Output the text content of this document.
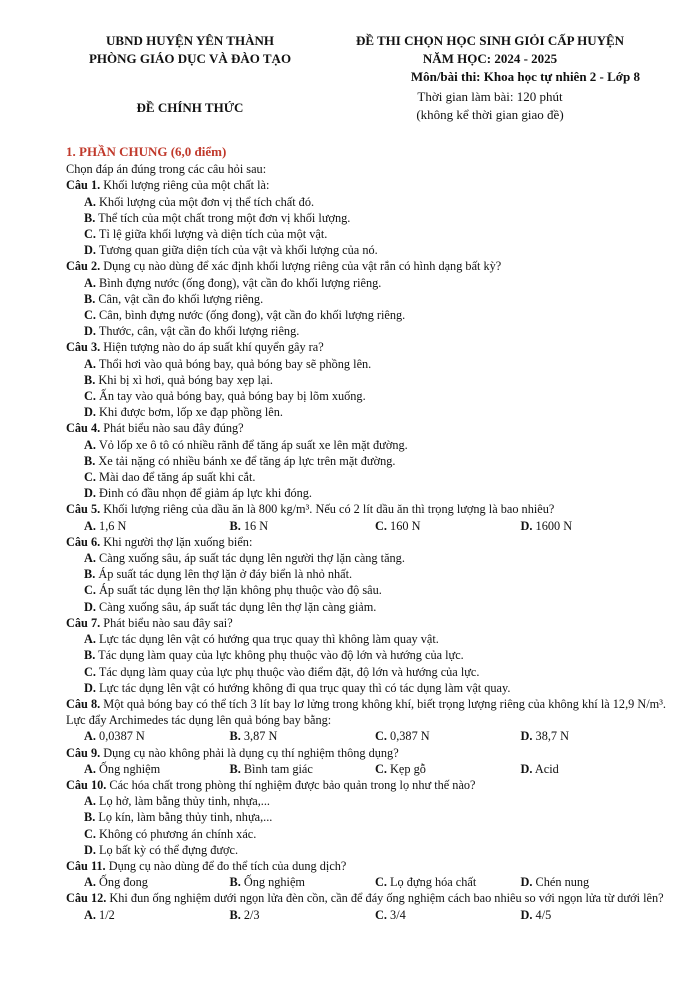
UBND HUYỆN YÊN THÀNH
PHÒNG GIÁO DỤC VÀ ĐÀO TẠO
ĐỀ THI CHỌN HỌC SINH GIỎI CẤP HUYỆN
NĂM HỌC: 2024 - 2025
Môn/bài thi: Khoa học tự nhiên 2 - Lớp 8
ĐỀ CHÍNH THỨC
Thời gian làm bài: 120 phút
(không kể thời gian giao đề)
1. PHẦN CHUNG (6,0 điểm)
Chọn đáp án đúng trong các câu hỏi sau:
Câu 1. Khối lượng riêng của một chất là:
A. Khối lượng của một đơn vị thể tích chất đó.
B. Thể tích của một chất trong một đơn vị khối lượng.
C. Tỉ lệ giữa khối lượng và diện tích của một vật.
D. Tương quan giữa diện tích của vật và khối lượng của nó.
Câu 2. Dụng cụ nào dùng để xác định khối lượng riêng của vật rắn có hình dạng bất kỳ?
A. Bình đựng nước (ống đong), vật cần đo khối lượng riêng.
B. Cân, vật cần đo khối lượng riêng.
C. Cân, bình đựng nước (ống đong), vật cần đo khối lượng riêng.
D. Thước, cân, vật cần đo khối lượng riêng.
Câu 3. Hiện tượng nào do áp suất khí quyển gây ra?
A. Thổi hơi vào quả bóng bay, quả bóng bay sẽ phồng lên.
B. Khi bị xì hơi, quả bóng bay xẹp lại.
C. Ấn tay vào quả bóng bay, quả bóng bay bị lõm xuống.
D. Khi được bơm, lốp xe đạp phồng lên.
Câu 4. Phát biểu nào sau đây đúng?
A. Vỏ lốp xe ô tô có nhiều rãnh để tăng áp suất xe lên mặt đường.
B. Xe tải nặng có nhiều bánh xe để tăng áp lực trên mặt đường.
C. Mài dao để tăng áp suất khi cắt.
D. Đinh có đầu nhọn để giảm áp lực khi đóng.
Câu 5. Khối lượng riêng của dầu ăn là 800 kg/m³. Nếu có 2 lít dầu ăn thì trọng lượng là bao nhiêu?
A. 1,6 N	B. 16 N	C. 160 N	D. 1600 N
Câu 6. Khi người thợ lặn xuống biển:
A. Càng xuống sâu, áp suất tác dụng lên người thợ lặn càng tăng.
B. Áp suất tác dụng lên thợ lặn ở đáy biển là nhỏ nhất.
C. Áp suất tác dụng lên thợ lặn không phụ thuộc vào độ sâu.
D. Càng xuống sâu, áp suất tác dụng lên thợ lặn càng giảm.
Câu 7. Phát biểu nào sau đây sai?
A. Lực tác dụng lên vật có hướng qua trục quay thì không làm quay vật.
B. Tác dụng làm quay của lực không phụ thuộc vào độ lớn và hướng của lực.
C. Tác dụng làm quay của lực phụ thuộc vào điểm đặt, độ lớn và hướng của lực.
D. Lực tác dụng lên vật có hướng không đi qua trục quay thì có tác dụng làm vật quay.
Câu 8. Một quả bóng bay có thể tích 3 lít bay lơ lửng trong không khí, biết trọng lượng riêng của không khí là 12,9 N/m³. Lực đẩy Archimedes tác dụng lên quả bóng bay bằng:
A. 0,0387 N	B. 3,87 N	C. 0,387 N	D. 38,7 N
Câu 9. Dụng cụ nào không phải là dụng cụ thí nghiệm thông dụng?
A. Ống nghiệm	B. Bình tam giác	C. Kẹp gỗ	D. Acid
Câu 10. Các hóa chất trong phòng thí nghiệm được bảo quản trong lọ như thế nào?
A. Lọ hở, làm bằng thủy tinh, nhựa,...
B. Lọ kín, làm bằng thủy tinh, nhựa,...
C. Không có phương án chính xác.
D. Lọ bất kỳ có thể đựng được.
Câu 11. Dụng cụ nào dùng để đo thể tích của dung dịch?
A. Ống đong	B. Ống nghiệm	C. Lọ đựng hóa chất	D. Chén nung
Câu 12. Khi đun ống nghiệm dưới ngọn lửa đèn cồn, cần để đáy ống nghiệm cách bao nhiêu so với ngọn lửa từ dưới lên?
A. 1/2	B. 2/3	C. 3/4	D. 4/5
